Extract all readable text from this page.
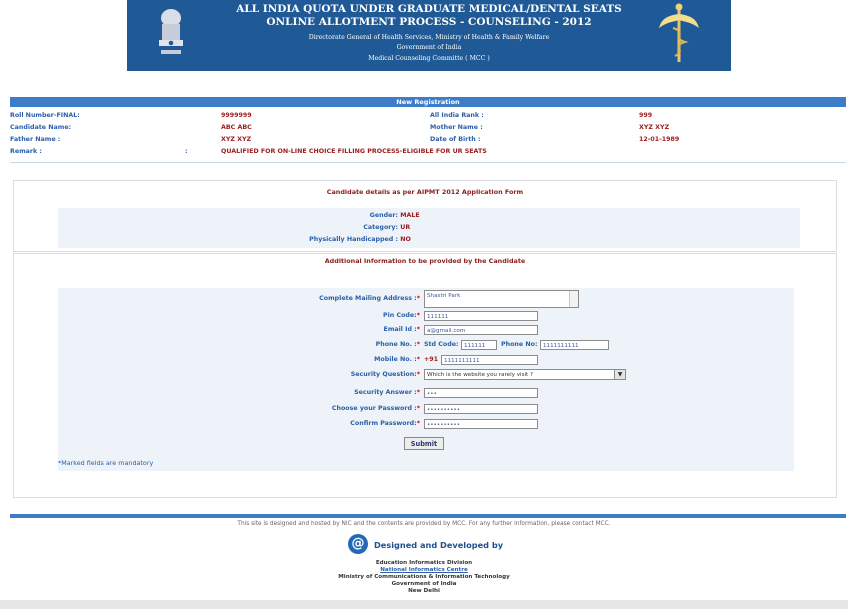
ALL INDIA QUOTA UNDER GRADUATE MEDICAL/DENTAL SEATS
ONLINE ALLOTMENT PROCESS - COUNSELING - 2012
Directorate General of Health Services, Ministry of Health & Family Welfare
Government of India
Medical Counseling Committe ( MCC )
New Registration
Roll Number-FINAL:	9999999	All India Rank :	999
Candidate Name:	ABC ABC	Mother Name :	XYZ XYZ
Father Name :	XYZ XYZ	Date of Birth :	12-01-1989
Remark :	:	QUALIFIED FOR ON-LINE CHOICE FILLING PROCESS-ELIGIBLE FOR UR SEATS
Candidate details as per AIPMT 2012 Application Form
Gender: MALE
Category: UR
Physically Handicapped : NO
Additional Information to be provided by the Candidate
Complete Mailing Address :*	Shastri Park
Pin Code:*	111111
Email Id :*	a@gmail.com
Phone No. :* Std Code: 111111	Phone No: 1111111111
Mobile No. :* +91	1111111111
Security Question:*	Which is the website you rarely visit ?	▼
Security Answer :*	•••
Choose your Password :*	••••••••••
Confirm Password:*	••••••••••
Submit
*Marked fields are mandatory
This site is designed and hosted by NIC and the contents are provided by MCC. For any further information, please contact MCC.
@	Designed and Developed by
Education Informatics Division
National Informatics Centre
Ministry of Communications & Information Technology
Government of India
New Delhi
